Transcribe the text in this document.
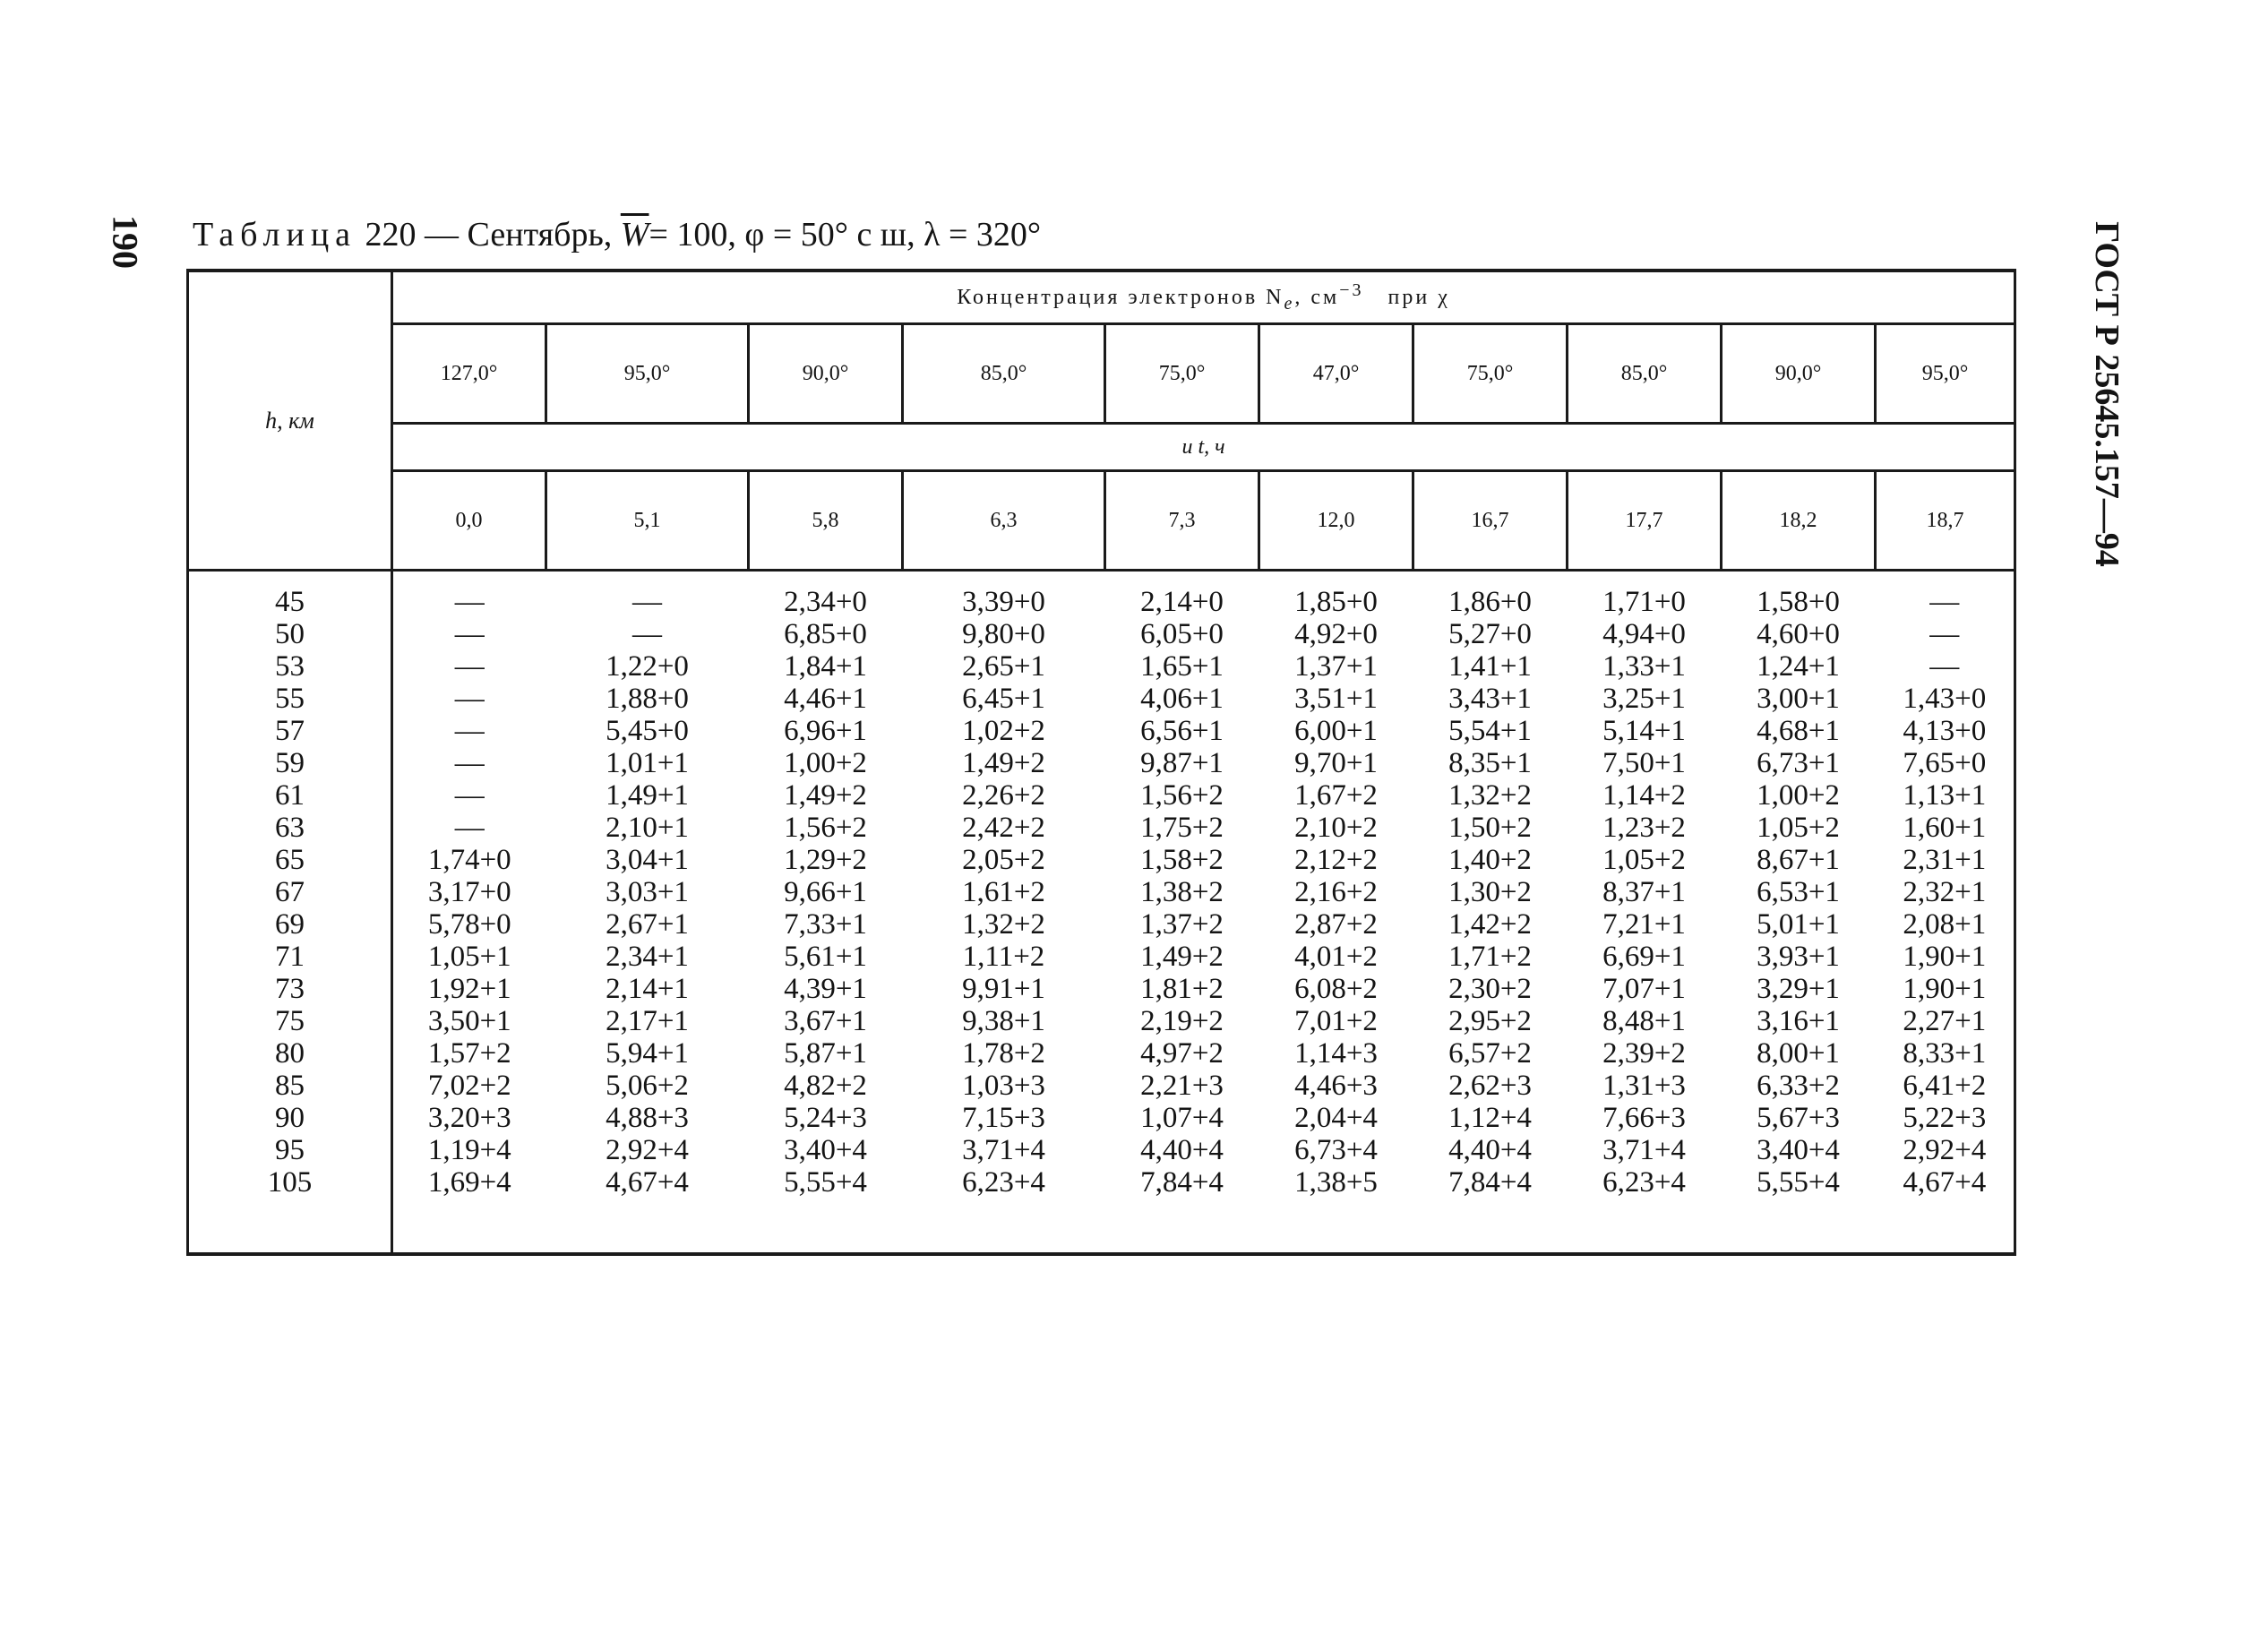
190	ГОСТ Р 25645.157—94
Таблица 220 — Сентябрь, $\overline{W}= 100$, φ = 50° с ш, λ = 320°
h, км	Концентрация электронов $N_e$, $см^{-3}$ при χ									
	127,0°	95,0°	90,0°	85,0°	75,0°	47,0°	75,0°	85,0°	90,0°	95,0°
	и t, ч									
	0,0	5,1	5,8	6,3	7,3	12,0	16,7	17,7	18,2	18,7

45	—	—	2,34+0	3,39+0	2,14+0	1,85+0	1,86+0	1,71+0	1,58+0	—
50	—	—	6,85+0	9,80+0	6,05+0	4,92+0	5,27+0	4,94+0	4,60+0	—
53	—	1,22+0	1,84+1	2,65+1	1,65+1	1,37+1	1,41+1	1,33+1	1,24+1	—
55	—	1,88+0	4,46+1	6,45+1	4,06+1	3,51+1	3,43+1	3,25+1	3,00+1	1,43+0
57	—	5,45+0	6,96+1	1,02+2	6,56+1	6,00+1	5,54+1	5,14+1	4,68+1	4,13+0
59	—	1,01+1	1,00+2	1,49+2	9,87+1	9,70+1	8,35+1	7,50+1	6,73+1	7,65+0
61	—	1,49+1	1,49+2	2,26+2	1,56+2	1,67+2	1,32+2	1,14+2	1,00+2	1,13+1
63	—	2,10+1	1,56+2	2,42+2	1,75+2	2,10+2	1,50+2	1,23+2	1,05+2	1,60+1
65	1,74+0	3,04+1	1,29+2	2,05+2	1,58+2	2,12+2	1,40+2	1,05+2	8,67+1	2,31+1
67	3,17+0	3,03+1	9,66+1	1,61+2	1,38+2	2,16+2	1,30+2	8,37+1	6,53+1	2,32+1
69	5,78+0	2,67+1	7,33+1	1,32+2	1,37+2	2,87+2	1,42+2	7,21+1	5,01+1	2,08+1
71	1,05+1	2,34+1	5,61+1	1,11+2	1,49+2	4,01+2	1,71+2	6,69+1	3,93+1	1,90+1
73	1,92+1	2,14+1	4,39+1	9,91+1	1,81+2	6,08+2	2,30+2	7,07+1	3,29+1	1,90+1
75	3,50+1	2,17+1	3,67+1	9,38+1	2,19+2	7,01+2	2,95+2	8,48+1	3,16+1	2,27+1
80	1,57+2	5,94+1	5,87+1	1,78+2	4,97+2	1,14+3	6,57+2	2,39+2	8,00+1	8,33+1
85	7,02+2	5,06+2	4,82+2	1,03+3	2,21+3	4,46+3	2,62+3	1,31+3	6,33+2	6,41+2
90	3,20+3	4,88+3	5,24+3	7,15+3	1,07+4	2,04+4	1,12+4	7,66+3	5,67+3	5,22+3
95	1,19+4	2,92+4	3,40+4	3,71+4	4,40+4	6,73+4	4,40+4	3,71+4	3,40+4	2,92+4
105	1,69+4	4,67+4	5,55+4	6,23+4	7,84+4	1,38+5	7,84+4	6,23+4	5,55+4	4,67+4
